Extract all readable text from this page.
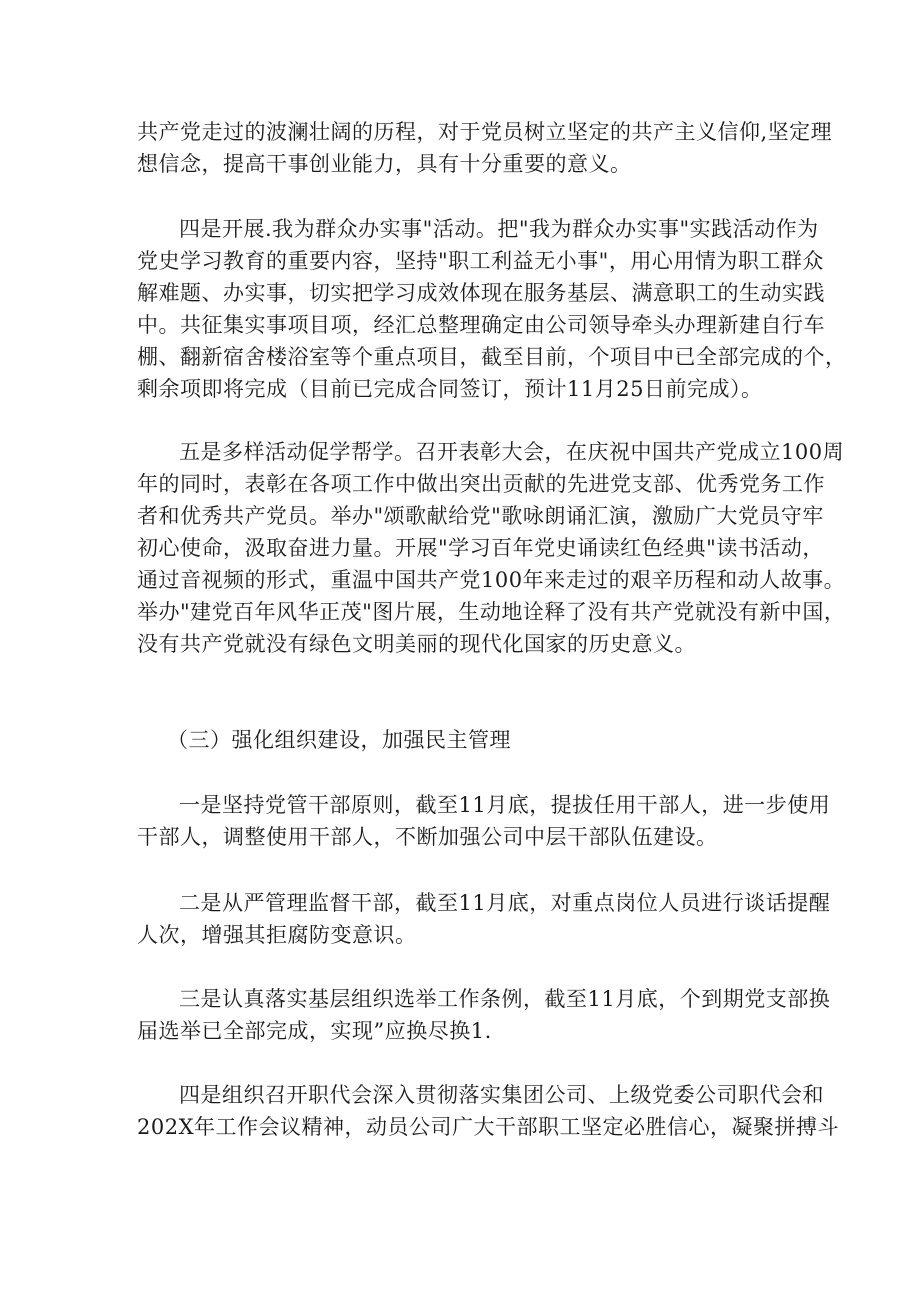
共产党走过的波澜壮阔的历程，对于党员树立坚定的共产主义信仰,坚定理
想信念，提高干事创业能力，具有十分重要的意义。

四是开展.我为群众办实事"活动。把"我为群众办实事"实践活动作为
党史学习教育的重要内容，坚持"职工利益无小事"，用心用情为职工群众
解难题、办实事，切实把学习成效体现在服务基层、满意职工的生动实践
中。共征集实事项目项，经汇总整理确定由公司领导牵头办理新建自行车
棚、翻新宿舍楼浴室等个重点项目，截至目前，个项目中已全部完成的个，
剩余项即将完成（目前已完成合同签订，预计11月25日前完成）。

五是多样活动促学帮学。召开表彰大会，在庆祝中国共产党成立100周
年的同时，表彰在各项工作中做出突出贡献的先进党支部、优秀党务工作
者和优秀共产党员。举办"颂歌献给党"歌咏朗诵汇演，激励广大党员守牢
初心使命，汲取奋进力量。开展"学习百年党史诵读红色经典"读书活动，
通过音视频的形式，重温中国共产党100年来走过的艰辛历程和动人故事。
举办"建党百年风华正茂"图片展，生动地诠释了没有共产党就没有新中国，
没有共产党就没有绿色文明美丽的现代化国家的历史意义。

（三）强化组织建设，加强民主管理

一是坚持党管干部原则，截至11月底，提拔任用干部人，进一步使用
干部人，调整使用干部人，不断加强公司中层干部队伍建设。

二是从严管理监督干部，截至11月底，对重点岗位人员进行谈话提醒
人次，增强其拒腐防变意识。

三是认真落实基层组织选举工作条例，截至11月底，个到期党支部换
届选举已全部完成，实现”应换尽换1.

四是组织召开职代会深入贯彻落实集团公司、上级党委公司职代会和
202X年工作会议精神，动员公司广大干部职工坚定必胜信心，凝聚拼搏斗
